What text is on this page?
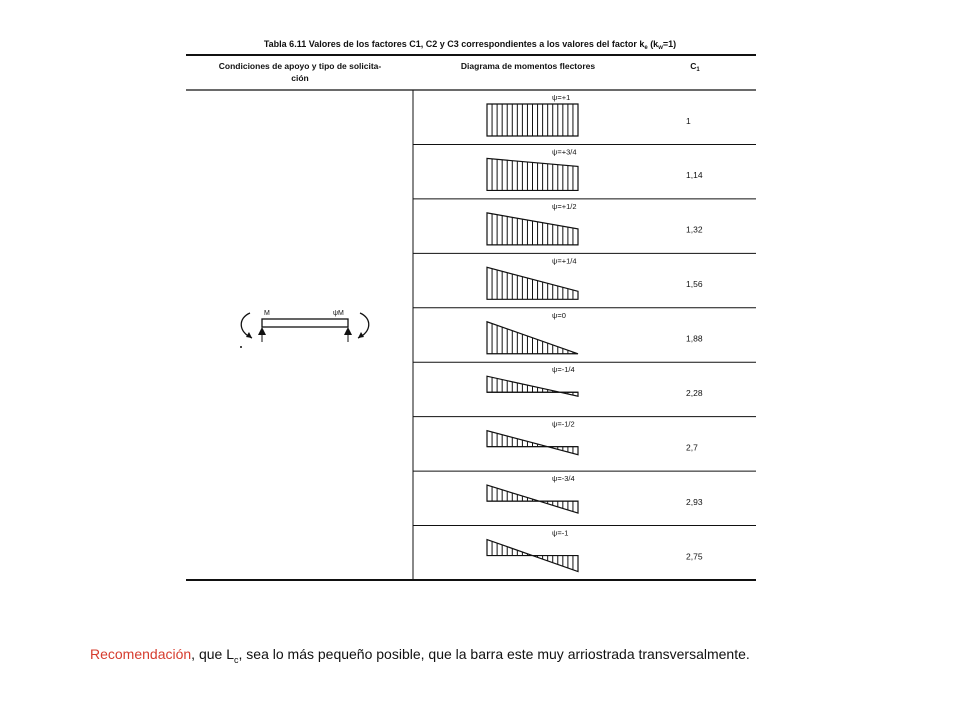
Tabla 6.11 Valores de los factores C1, C2 y C3 correspondientes a los valores del factor $k_e$ $(k_w=1)$
Condiciones de apoyo y tipo de solicita-
ción
Diagrama de momentos flectores	$C_1$
M	ψM
ψ=+1
1
ψ=+3/4
1,14
ψ=+1/2
1,32
ψ=+1/4
1,56
ψ=0
1,88
ψ=-1/4
2,28
ψ=-1/2
2,7
ψ=-3/4
2,93
ψ=-1
2,75
Recomendación, que $L_c$, sea lo más pequeño posible, que la barra este muy arriostrada transversalmente.
